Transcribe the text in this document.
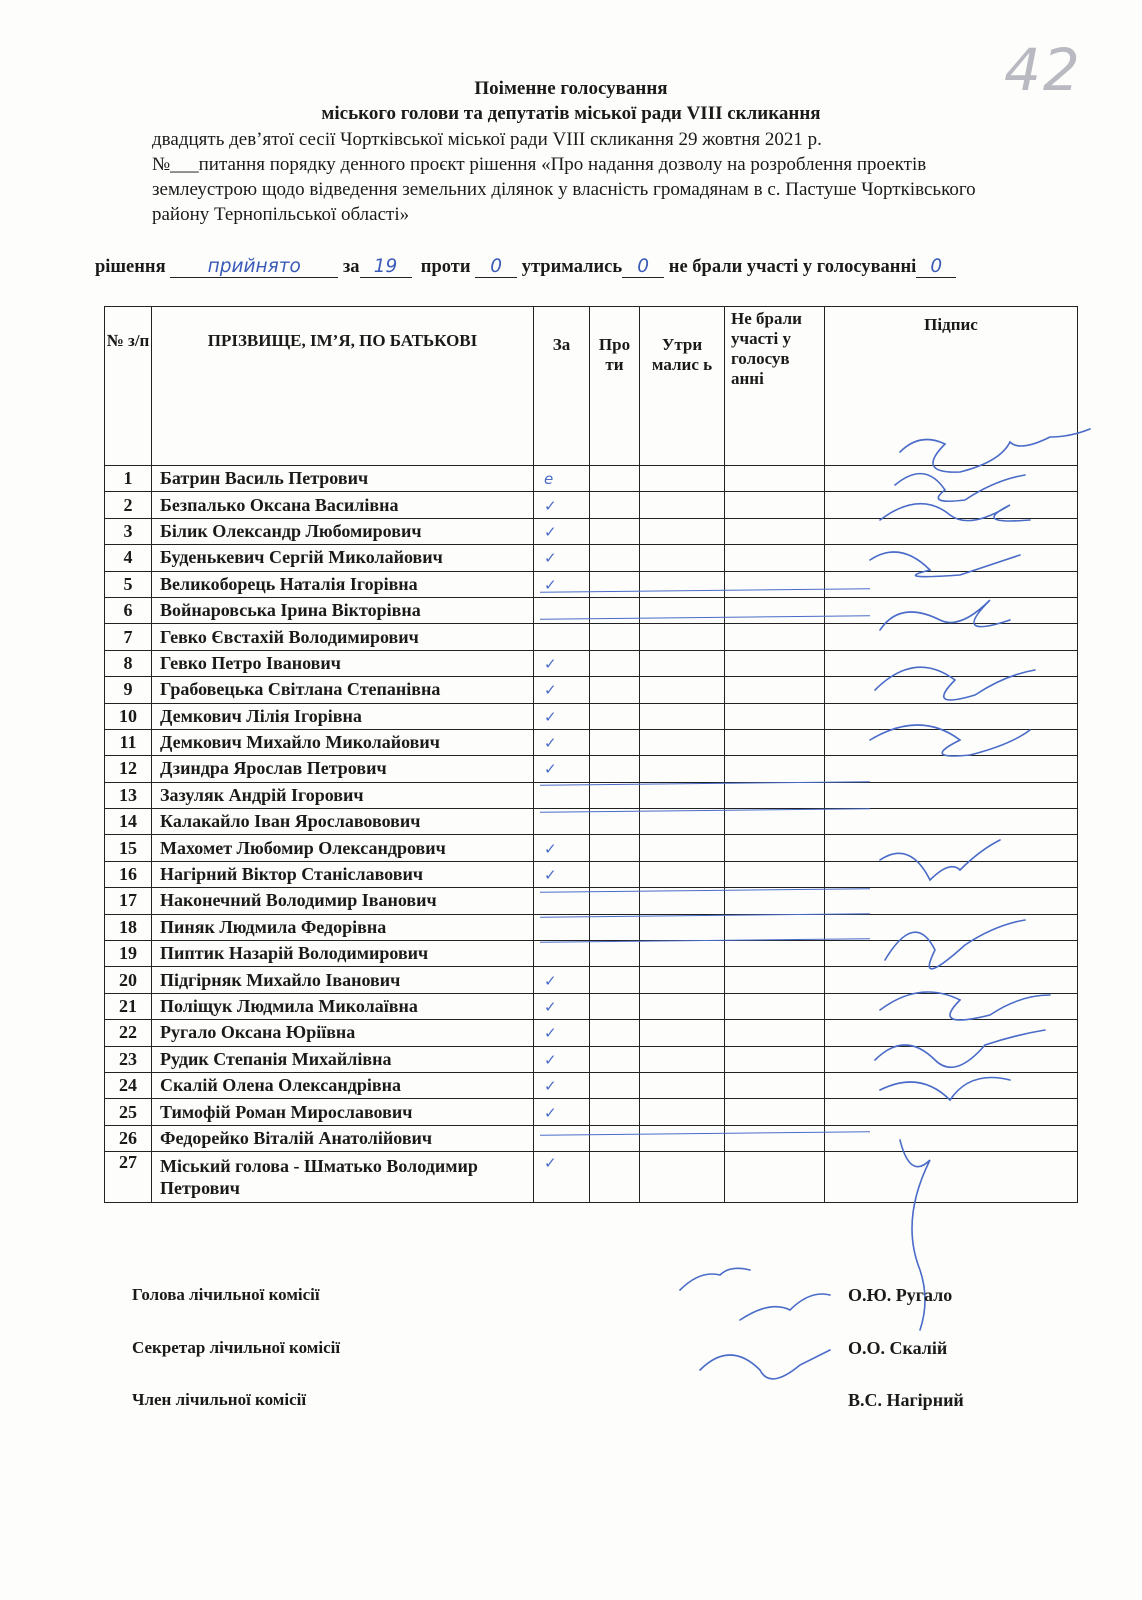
42
Поіменне голосування
міського голови та депутатів міської ради VIII скликання
двадцять дев’ятої сесії Чортківської міської ради VIII скликання 29 жовтня 2021 р.
№___питання порядку денного проєкт рішення «Про надання дозволу на розроблення проектів
землеустрою щодо відведення земельних ділянок у власність громадянам в с. Пастуше Чортківського
району Тернопільської області»
рішення прийнято за 19 проти 0 утримались 0 не брали участі у голосуванні 0
№ з/п	ПРІЗВИЩЕ, ІМ’Я, ПО БАТЬКОВІ	За	Про ти	Утри малис ь	Не брали участі у голосув анні	Підпис
1	Батрин Василь Петрович	е				
2	Безпалько Оксана Василівна	✓				
3	Білик Олександр Любомирович	✓				
4	Буденькевич Сергій Миколайович	✓				
5	Великоборець Наталія Ігорівна	✓				
6	Войнаровська Ірина Вікторівна					
7	Гевко Євстахій Володимирович					
8	Гевко Петро Іванович	✓				
9	Грабовецька Світлана Степанівна	✓				
10	Демкович Лілія Ігорівна	✓				
11	Демкович Михайло Миколайович	✓				
12	Дзиндра Ярослав Петрович	✓				
13	Зазуляк Андрій Ігорович					
14	Калакайло Іван Ярославовович					
15	Махомет Любомир Олександрович	✓				
16	Нагірний Віктор Станіславович	✓				
17	Наконечний Володимир Іванович					
18	Пиняк Людмила Федорівна					
19	Пиптик Назарій Володимирович					
20	Підгірняк Михайло Іванович	✓				
21	Поліщук Людмила Миколаївна	✓				
22	Ругало Оксана Юріївна	✓				
23	Рудик Степанія Михайлівна	✓				
24	Скалій Олена Олександрівна	✓				
25	Тимофій Роман Мирославович	✓				
26	Федорейко Віталій Анатолійович					
27	Міський голова - Шматько Володимир Петрович	✓				
Голова лічильної комісії	О.Ю. Ругало
Секретар лічильної комісії	О.О. Скалій
Член лічильної комісії	В.С. Нагірний
